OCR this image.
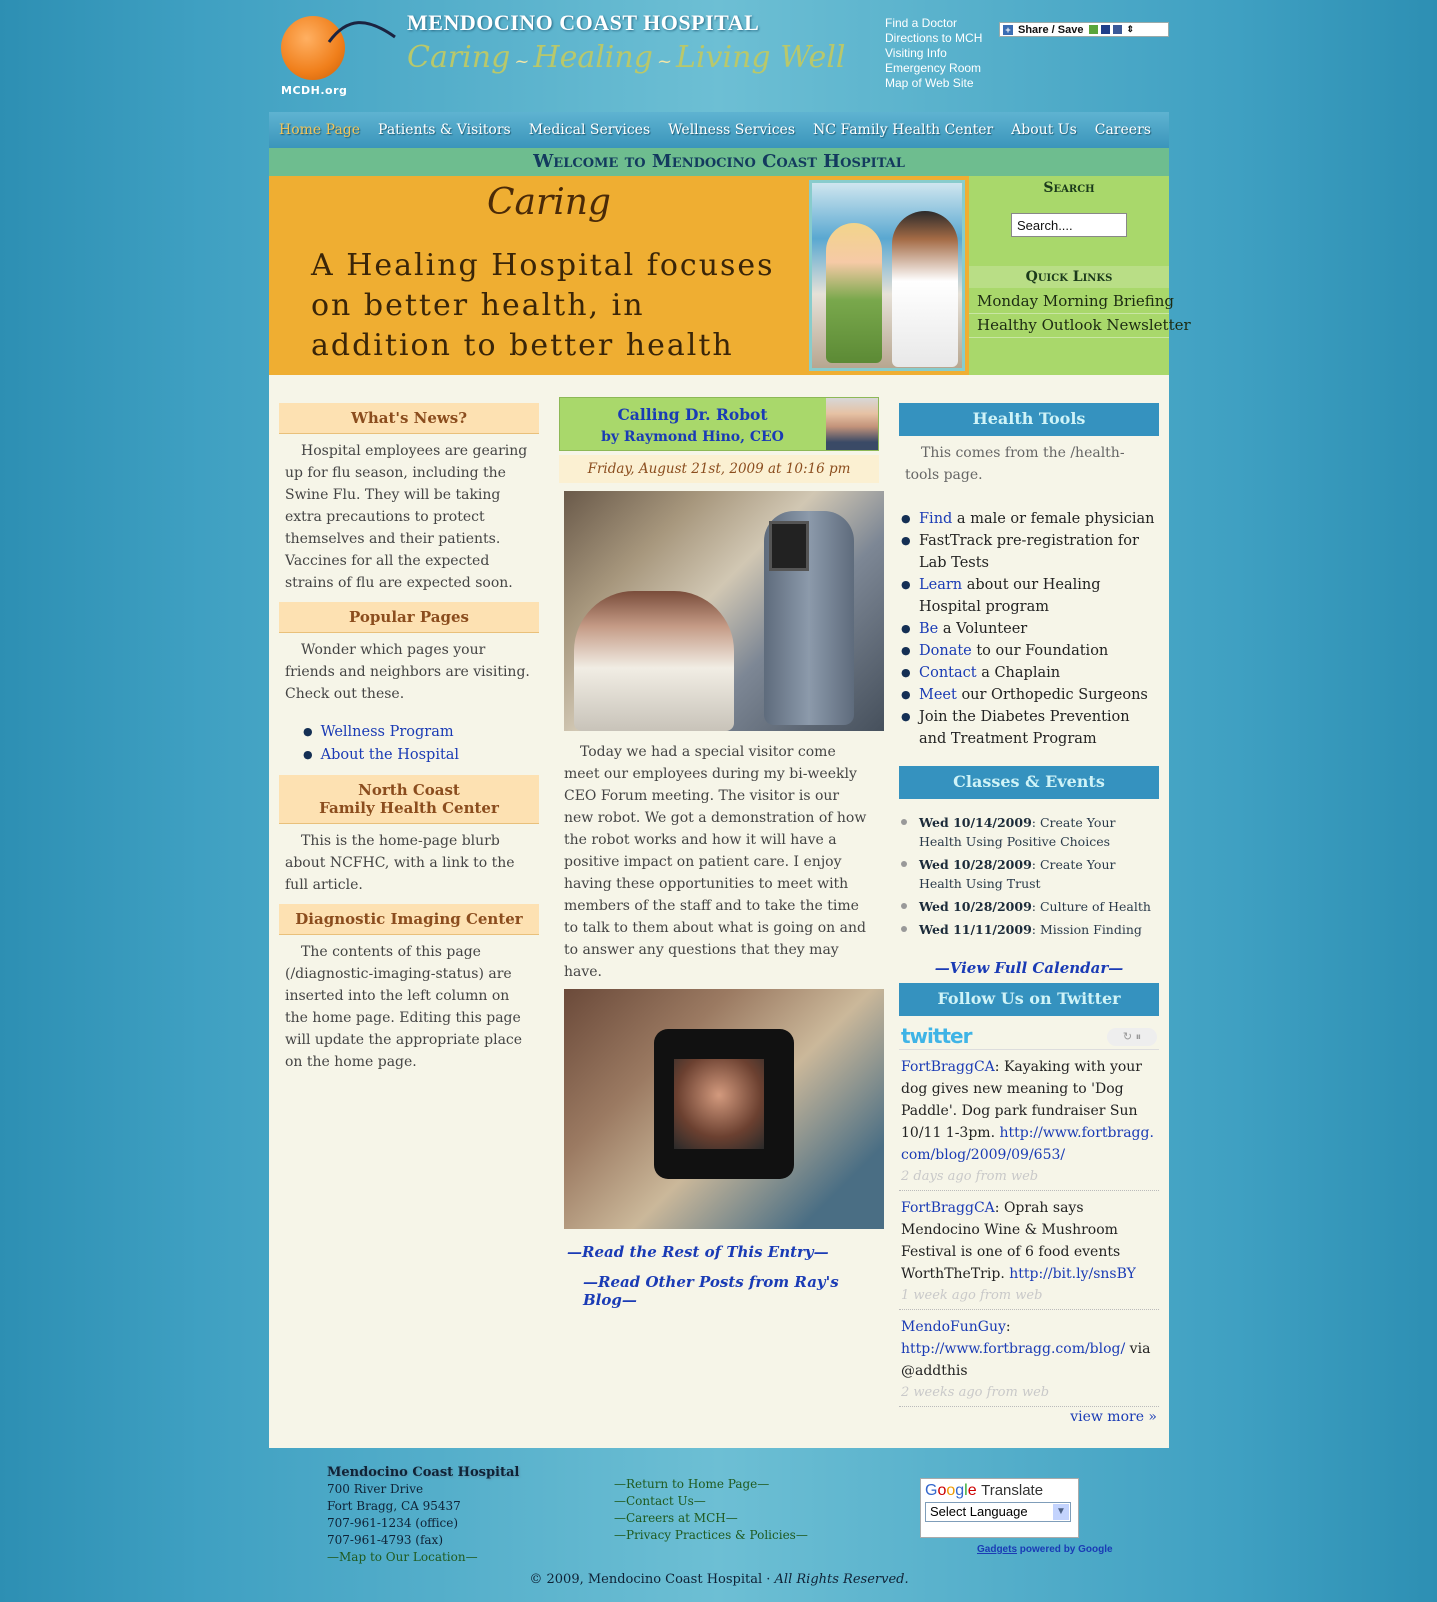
MCDH.org
MENDOCINO COAST HOSPITAL
Caring ~ Healing ~ Living Well
Find a Doctor
Directions to MCH
Visiting Info
Emergency Room
Map of Web Site
+ Share / Save	⇕
Home Page Patients & Visitors Medical Services Wellness Services NC Family Health Center About Us Careers
Welcome to Mendocino Coast Hospital
Caring
A Healing Hospital focuses on better health, in addition to better health
Search
Search....
Quick Links
Monday Morning Briefing
Healthy Outlook Newsletter
What's News?

Hospital employees are gearing up for flu season, including the Swine Flu. They will be taking extra precautions to protect themselves and their patients. Vaccines for all the expected strains of flu are expected soon.

Popular Pages

Wonder which pages your friends and neighbors are visiting. Check out these.

● Wellness Program
● About the Hospital
North Coast
Family Health Center

This is the home-page blurb about NCFHC, with a link to the full article.

Diagnostic Imaging Center

The contents of this page (/diagnostic-imaging-status) are inserted into the left column on the home page. Editing this page will update the appropriate place on the home page.

Calling Dr. Robot
by Raymond Hino, CEO
Friday, August 21st, 2009 at 10:16 pm

Today we had a special visitor come meet our employees during my bi-weekly CEO Forum meeting. The visitor is our new robot. We got a demonstration of how the robot works and how it will have a positive impact on patient care. I enjoy having these opportunities to meet with members of the staff and to take the time to talk to them about what is going on and to answer any questions that they may have.

—Read the Rest of This Entry—
—Read Other Posts from Ray's Blog—
Health Tools

This comes from the /health-tools page.

● Find a male or female physician
● FastTrack pre-registration for Lab Tests
● Learn about our Healing Hospital program
● Be a Volunteer
● Donate to our Foundation
● Contact a Chaplain
● Meet our Orthopedic Surgeons
● Join the Diabetes Prevention and Treatment Program
Classes & Events
Wed 10/14/2009: Create Your Health Using Positive Choices
Wed 10/28/2009: Create Your Health Using Trust
Wed 10/28/2009: Culture of Health
Wed 11/11/2009: Mission Finding
—View Full Calendar—
Follow Us on Twitter
twitter	↻ ⏸
FortBraggCA: Kayaking with your dog gives new meaning to 'Dog Paddle'. Dog park fundraiser Sun 10/11 1-3pm. http://www.fortbragg.com/blog/2009/09/653/
2 days ago from web
FortBraggCA: Oprah says Mendocino Wine & Mushroom Festival is one of 6 food events WorthTheTrip. http://bit.ly/snsBY
1 week ago from web
MendoFunGuy: http://www.fortbragg.com/blog/ via @addthis
2 weeks ago from web
view more »
Mendocino Coast Hospital
700 River Drive
Fort Bragg, CA 95437
707-961-1234 (office)
707-961-4793 (fax)
—Map to Our Location—
—Return to Home Page—
—Contact Us—
—Careers at MCH—
—Privacy Practices & Policies—
Google Translate
Select Language	▼
Gadgets powered by Google
© 2009, Mendocino Coast Hospital · All Rights Reserved.
